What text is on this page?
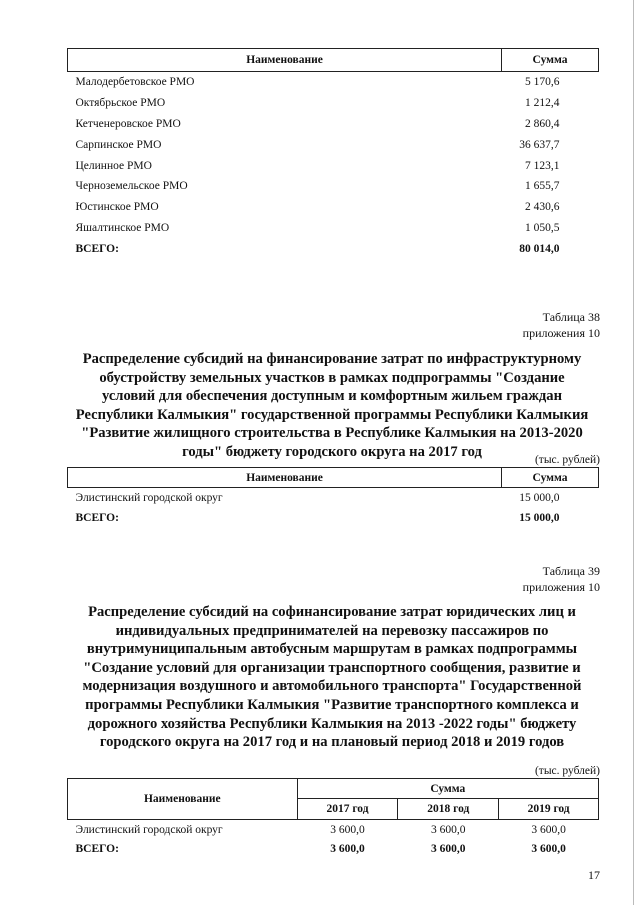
Наименование	Сумма
Малодербетовское РМО	5 170,6
Октябрьское РМО	1 212,4
Кетченеровское РМО	2 860,4
Сарпинское РМО	36 637,7
Целинное РМО	7 123,1
Черноземельское РМО	1 655,7
Юстинское РМО	2 430,6
Яшалтинское РМО	1 050,5
ВСЕГО:	80 014,0
Таблица 38
приложения 10
Распределение субсидий на финансирование затрат по инфраструктурному
обустройству земельных участков в рамках подпрограммы "Создание
условий для обеспечения доступным и комфортным жильем граждан
Республики Калмыкия" государственной программы Республики Калмыкия
"Развитие жилищного строительства в Республике Калмыкия на 2013-2020
годы" бюджету городского округа на 2017 год
(тыс. рублей)
Наименование	Сумма
Элистинский городской округ	15 000,0
ВСЕГО:	15 000,0
Таблица 39
приложения 10
Распределение субсидий на софинансирование затрат юридических лиц и
индивидуальных предпринимателей на перевозку пассажиров по
внутримуниципальным автобусным маршрутам в рамках подпрограммы
"Создание условий для организации транспортного сообщения, развитие и
модернизация воздушного и автомобильного транспорта" Государственной
программы Республики Калмыкия "Развитие транспортного комплекса и
дорожного хозяйства Республики Калмыкия на 2013 -2022 годы" бюджету
городского округа на 2017 год и на плановый период 2018 и 2019 годов
(тыс. рублей)
Наименование	Сумма		
	2017 год	2018 год	2019 год
Элистинский городской округ	3 600,0	3 600,0	3 600,0
ВСЕГО:	3 600,0	3 600,0	3 600,0
17
